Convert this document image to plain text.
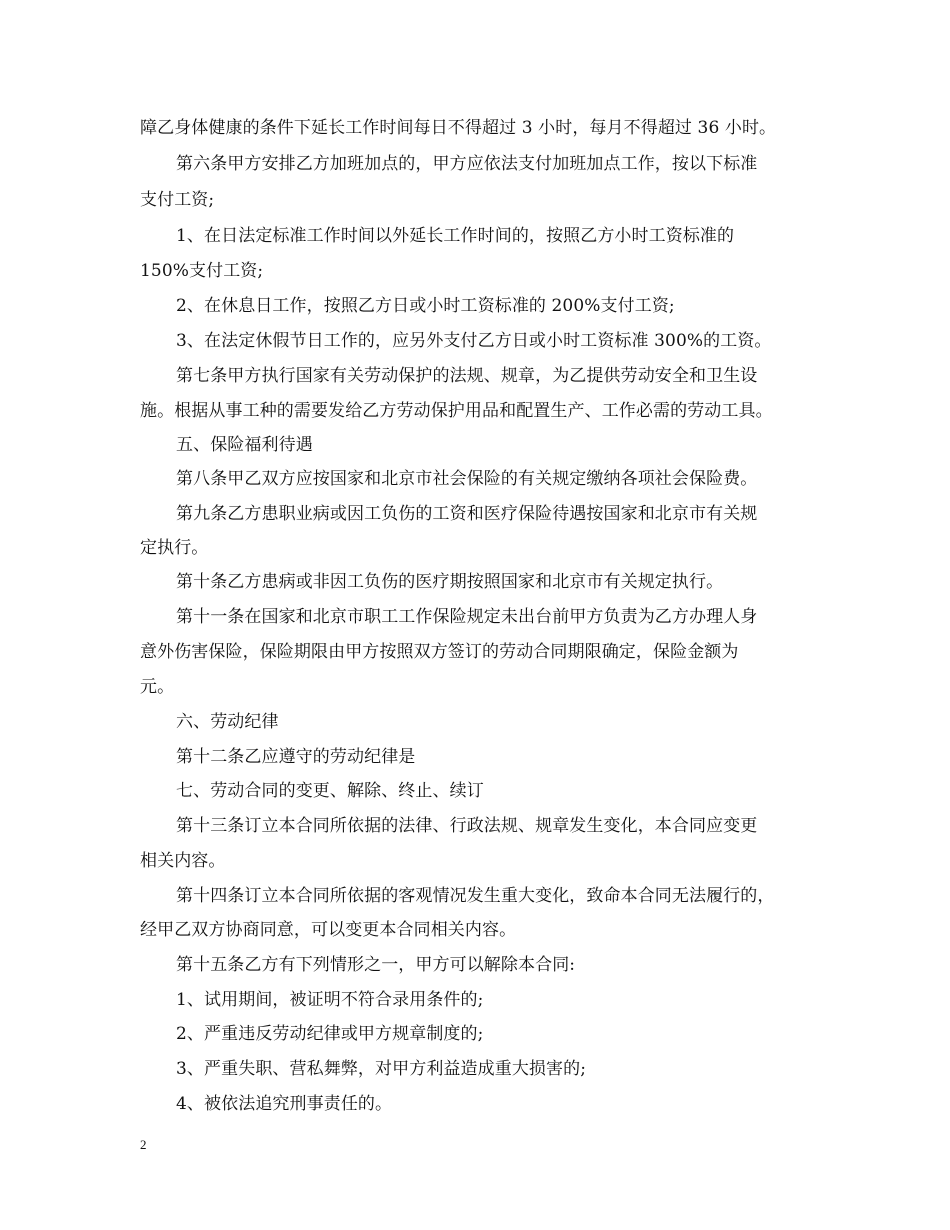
障乙身体健康的条件下延长工作时间每日不得超过 3 小时，每月不得超过 36 小时。
第六条甲方安排乙方加班加点的，甲方应依法支付加班加点工作，按以下标准
支付工资;
1、在日法定标准工作时间以外延长工作时间的，按照乙方小时工资标准的
150%支付工资;
2、在休息日工作，按照乙方日或小时工资标准的 200%支付工资;
3、在法定休假节日工作的，应另外支付乙方日或小时工资标准 300%的工资。
第七条甲方执行国家有关劳动保护的法规、规章，为乙提供劳动安全和卫生设
施。根据从事工种的需要发给乙方劳动保护用品和配置生产、工作必需的劳动工具。
五、保险福利待遇
第八条甲乙双方应按国家和北京市社会保险的有关规定缴纳各项社会保险费。
第九条乙方患职业病或因工负伤的工资和医疗保险待遇按国家和北京市有关规
定执行。
第十条乙方患病或非因工负伤的医疗期按照国家和北京市有关规定执行。
第十一条在国家和北京市职工工作保险规定未出台前甲方负责为乙方办理人身
意外伤害保险，保险期限由甲方按照双方签订的劳动合同期限确定，保险金额为
元。
六、劳动纪律
第十二条乙应遵守的劳动纪律是
七、劳动合同的变更、解除、终止、续订
第十三条订立本合同所依据的法律、行政法规、规章发生变化，本合同应变更
相关内容。
第十四条订立本合同所依据的客观情况发生重大变化，致命本合同无法履行的，
经甲乙双方协商同意，可以变更本合同相关内容。
第十五条乙方有下列情形之一，甲方可以解除本合同:
1、试用期间，被证明不符合录用条件的;
2、严重违反劳动纪律或甲方规章制度的;
3、严重失职、营私舞弊，对甲方利益造成重大损害的;
4、被依法追究刑事责任的。
2
